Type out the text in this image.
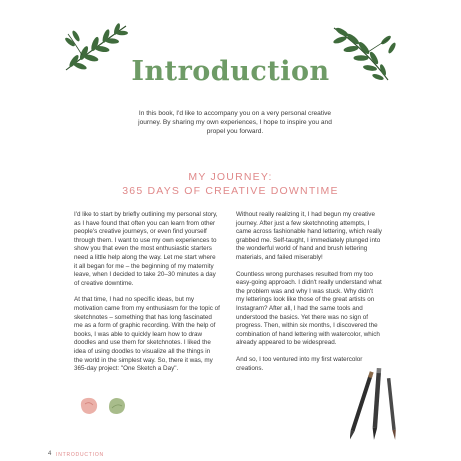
Introduction
In this book, I'd like to accompany you on a very personal creative journey. By sharing my own experiences, I hope to inspire you and propel you forward.
MY JOURNEY:
365 DAYS OF CREATIVE DOWNTIME

I'd like to start by briefly outlining my personal story, as I have found that often you can learn from other people's creative journeys, or even find yourself through them. I want to use my own experiences to show you that even the most enthusiastic starters need a little help along the way. Let me start where it all began for me – the beginning of my maternity leave, when I decided to take 20–30 minutes a day of creative downtime.

At that time, I had no specific ideas, but my motivation came from my enthusiasm for the topic of sketchnotes – something that has long fascinated me as a form of graphic recording. With the help of books, I was able to quickly learn how to draw doodles and use them for sketchnotes. I liked the idea of using doodles to visualize all the things in the world in the simplest way. So, there it was, my 365-day project: "One Sketch a Day".

Without really realizing it, I had begun my creative journey. After just a few sketchnoting attempts, I came across fashionable hand lettering, which really grabbed me. Self-taught, I immediately plunged into the wonderful world of hand and brush lettering materials, and failed miserably!

Countless wrong purchases resulted from my too easy-going approach. I didn't really understand what the problem was and why I was stuck. Why didn't my letterings look like those of the great artists on Instagram? After all, I had the same tools and understood the basics. Yet there was no sign of progress. Then, within six months, I discovered the combination of hand lettering with watercolor, which already appeared to be widespread.

And so, I too ventured into my first watercolor creations.

4 INTRODUCTION
